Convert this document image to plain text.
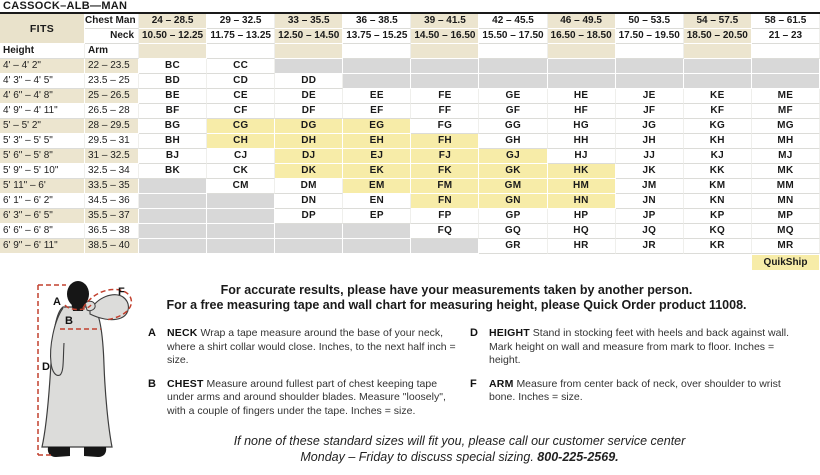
CASSOCK–ALB—MAN
FITS	Chest Man	24 – 28.5	29 – 32.5	33 – 35.5	36 – 38.5	39 – 41.5	42 – 45.5	46 – 49.5	50 – 53.5	54 – 57.5	58 – 61.5
	Neck	10.50 – 12.25	11.75 – 13.25	12.50 – 14.50	13.75 – 15.25	14.50 – 16.50	15.50 – 17.50	16.50 – 18.50	17.50 – 19.50	18.50 – 20.50	21 – 23
Height	Arm										
4' – 4' 2"	22 – 23.5	BC	CC								
4' 3" – 4' 5"	23.5 – 25	BD	CD	DD							
4' 6" – 4' 8"	25 – 26.5	BE	CE	DE	EE	FE	GE	HE	JE	KE	ME
4' 9" – 4' 11"	26.5 – 28	BF	CF	DF	EF	FF	GF	HF	JF	KF	MF
5' – 5' 2"	28 – 29.5	BG	CG	DG	EG	FG	GG	HG	JG	KG	MG
5' 3" – 5' 5"	29.5 – 31	BH	CH	DH	EH	FH	GH	HH	JH	KH	MH
5' 6" – 5' 8"	31 – 32.5	BJ	CJ	DJ	EJ	FJ	GJ	HJ	JJ	KJ	MJ
5' 9" – 5' 10"	32.5 – 34	BK	CK	DK	EK	FK	GK	HK	JK	KK	MK
5' 11" – 6'	33.5 – 35		CM	DM	EM	FM	GM	HM	JM	KM	MM
6' 1" – 6' 2"	34.5 – 36			DN	EN	FN	GN	HN	JN	KN	MN
6' 3" – 6' 5"	35.5 – 37			DP	EP	FP	GP	HP	JP	KP	MP
6' 6" – 6' 8"	36.5 – 38					FQ	GQ	HQ	JQ	KQ	MQ
6' 9" – 6' 11"	38.5 – 40						GR	HR	JR	KR	MR
QuikShip
A
B
D
F	For accurate results, please have your measurements taken by another person.
For a free measuring tape and wall chart for measuring height, please Quick Order product 11008.
A NECK Wrap a tape measure around the base of your neck, where a shirt collar would close. Inches, to the next half inch = size.

B CHEST Measure around fullest part of chest keeping tape under arms and around shoulder blades. Measure "loosely", with a couple of fingers under the tape. Inches = size.

D HEIGHT Stand in stocking feet with heels and back against wall. Mark height on wall and measure from mark to floor. Inches = height.

F ARM Measure from center back of neck, over shoulder to wrist bone. Inches = size.

If none of these standard sizes will fit you, please call our customer service center
Monday – Friday to discuss special sizing. 800-225-2569.
